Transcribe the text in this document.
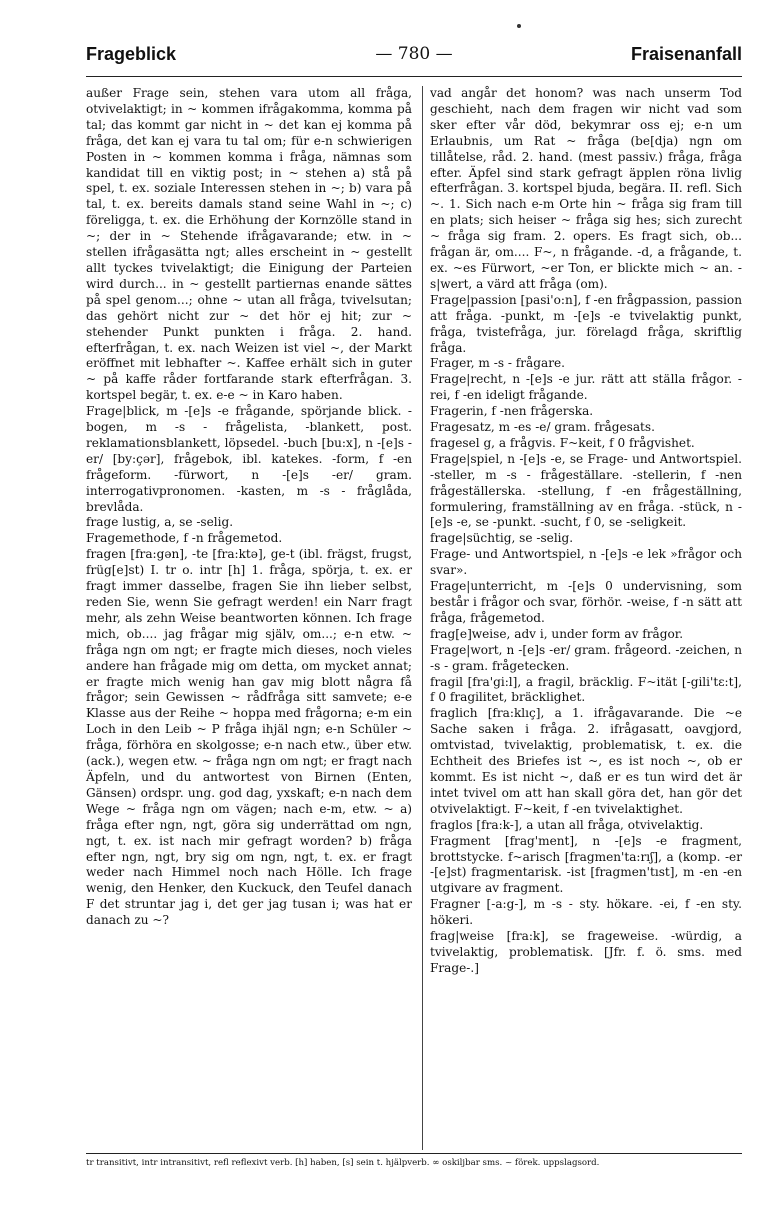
Frageblick	— 780 —	Fraisenanfall

außer Frage sein, stehen vara utom all fråga, otvivelaktigt; in ~ kommen ifrågakomma, komma på tal; das kommt gar nicht in ~ det kan ej komma på fråga, det kan ej vara tu tal om; für e-n schwierigen Posten in ~ kommen komma i fråga, nämnas som kandidat till en viktig post; in ~ stehen a) stå på spel, t. ex. soziale Interessen stehen in ~; b) vara på tal, t. ex. bereits damals stand seine Wahl in ~; c) föreligga, t. ex. die Erhöhung der Kornzölle stand in ~; der in ~ Stehende ifrågavarande; etw. in ~ stellen ifrågasätta ngt; alles erscheint in ~ gestellt allt tyckes tvivelaktigt; die Einigung der Parteien wird durch... in ~ gestellt partiernas enande sättes på spel genom...; ohne ~ utan all fråga, tvivelsutan; das gehört nicht zur ~ det hör ej hit; zur ~ stehender Punkt punkten i fråga. 2. hand. efterfrågan, t. ex. nach Weizen ist viel ~, der Markt eröffnet mit lebhafter ~. Kaffee erhält sich in guter ~ på kaffe råder fortfarande stark efterfrågan. 3. kortspel begär, t. ex. e-e ~ in Karo haben.

Frage|blick, m -[e]s -e frågande, spörjande blick. -bogen, m -s - frågelista, -blankett, post. reklamationsblankett, löpsedel. -buch [bu:x], n -[e]s -er/ [by:çər], frågebok, ibl. katekes. -form, f -en frågeform. -fürwort, n -[e]s -er/ gram. interrogativpronomen. -kasten, m -s - fråglåda, brevlåda.

frage lustig, a, se -selig.

Fragemethode, f -n frågemetod.

fragen [fra:gən], -te [fra:ktə], ge-t (ibl. frägst, frugst, früg[e]st) I. tr o. intr [h] 1. fråga, spörja, t. ex. er fragt immer dasselbe, fragen Sie ihn lieber selbst, reden Sie, wenn Sie gefragt werden! ein Narr fragt mehr, als zehn Weise beantworten können. Ich frage mich, ob.... jag frågar mig själv, om...; e-n etw. ~ fråga ngn om ngt; er fragte mich dieses, noch vieles andere han frågade mig om detta, om mycket annat; er fragte mich wenig han gav mig blott några få frågor; sein Gewissen ~ rådfråga sitt samvete; e-e Klasse aus der Reihe ~ hoppa med frågorna; e-m ein Loch in den Leib ~ P fråga ihjäl ngn; e-n Schüler ~ fråga, förhöra en skolgosse; e-n nach etw., über etw. (ack.), wegen etw. ~ fråga ngn om ngt; er fragt nach Äpfeln, und du antwortest von Birnen (Enten, Gänsen) ordspr. ung. god dag, yxskaft; e-n nach dem Wege ~ fråga ngn om vägen; nach e-m, etw. ~ a) fråga efter ngn, ngt, göra sig underrättad om ngn, ngt, t. ex. ist nach mir gefragt worden? b) fråga efter ngn, ngt, bry sig om ngn, ngt, t. ex. er fragt weder nach Himmel noch nach Hölle. Ich frage wenig, den Henker, den Kuckuck, den Teufel danach F det struntar jag i, det ger jag tusan i; was hat er danach zu ~?

vad angår det honom? was nach unserm Tod geschieht, nach dem fragen wir nicht vad som sker efter vår död, bekymrar oss ej; e-n um Erlaubnis, um Rat ~ fråga (be[dja) ngn om tillåtelse, råd. 2. hand. (mest passiv.) fråga, fråga efter. Äpfel sind stark gefragt äpplen röna livlig efterfrågan. 3. kortspel bjuda, begära. II. refl. Sich ~. 1. Sich nach e-m Orte hin ~ fråga sig fram till en plats; sich heiser ~ fråga sig hes; sich zurecht ~ fråga sig fram. 2. opers. Es fragt sich, ob... frågan är, om.... F~, n frågande. -d, a frågande, t. ex. ~es Fürwort, ~er Ton, er blickte mich ~ an. -s|wert, a värd att fråga (om).

Frage|passion [pasi'o:n], f -en frågpassion, passion att fråga. -punkt, m -[e]s -e tvivelaktig punkt, fråga, tvistefråga, jur. förelagd fråga, skriftlig fråga.

Frager, m -s - frågare.

Frage|recht, n -[e]s -e jur. rätt att ställa frågor. -rei, f -en ideligt frågande.

Fragerin, f -nen frågerska.

Fragesatz, m -es -e/ gram. frågesats.

fragesel g, a frågvis. F~keit, f 0 frågvishet.

Frage|spiel, n -[e]s -e, se Frage- und Antwortspiel. -steller, m -s - frågeställare. -stellerin, f -nen frågeställerska. -stellung, f -en frågeställning, formulering, framställning av en fråga. -stück, n -[e]s -e, se -punkt. -sucht, f 0, se -seligkeit.

frage|süchtig, se -selig.

Frage- und Antwortspiel, n -[e]s -e lek »frågor och svar».

Frage|unterricht, m -[e]s 0 undervisning, som består i frågor och svar, förhör. -weise, f -n sätt att fråga, frågemetod.

frag[e]weise, adv i, under form av frågor.

Frage|wort, n -[e]s -er/ gram. frågeord. -zeichen, n -s - gram. frågetecken.

fragil [fra'gi:l], a fragil, bräcklig. F~ität [-gili'tε:t], f 0 fragilitet, bräcklighet.

fraglich [fra:klıç], a 1. ifrågavarande. Die ~e Sache saken i fråga. 2. ifrågasatt, oavgjord, omtvistad, tvivelaktig, problematisk, t. ex. die Echtheit des Briefes ist ~, es ist noch ~, ob er kommt. Es ist nicht ~, daß er es tun wird det är intet tvivel om att han skall göra det, han gör det otvivelaktigt. F~keit, f -en tvivelaktighet.

fraglos [fra:k-], a utan all fråga, otvivelaktig.

Fragment [frag'ment], n -[e]s -e fragment, brottstycke. f~arisch [fragmen'ta:rıʃ], a (komp. -er -[e]st) fragmentarisk. -ist [fragmen'tıst], m -en -en utgivare av fragment.

Fragner [-a:g-], m -s - sty. hökare. -ei, f -en sty. hökeri.

frag|weise [fra:k], se frageweise. -würdig, a tvivelaktig, problematisk. [Jfr. f. ö. sms. med Frage-.]

tr transitivt, intr intransitivt, refl reflexivt verb. [h] haben, [s] sein t. hjälpverb. ∞ oskiljbar sms. ~ förek. uppslagsord.
